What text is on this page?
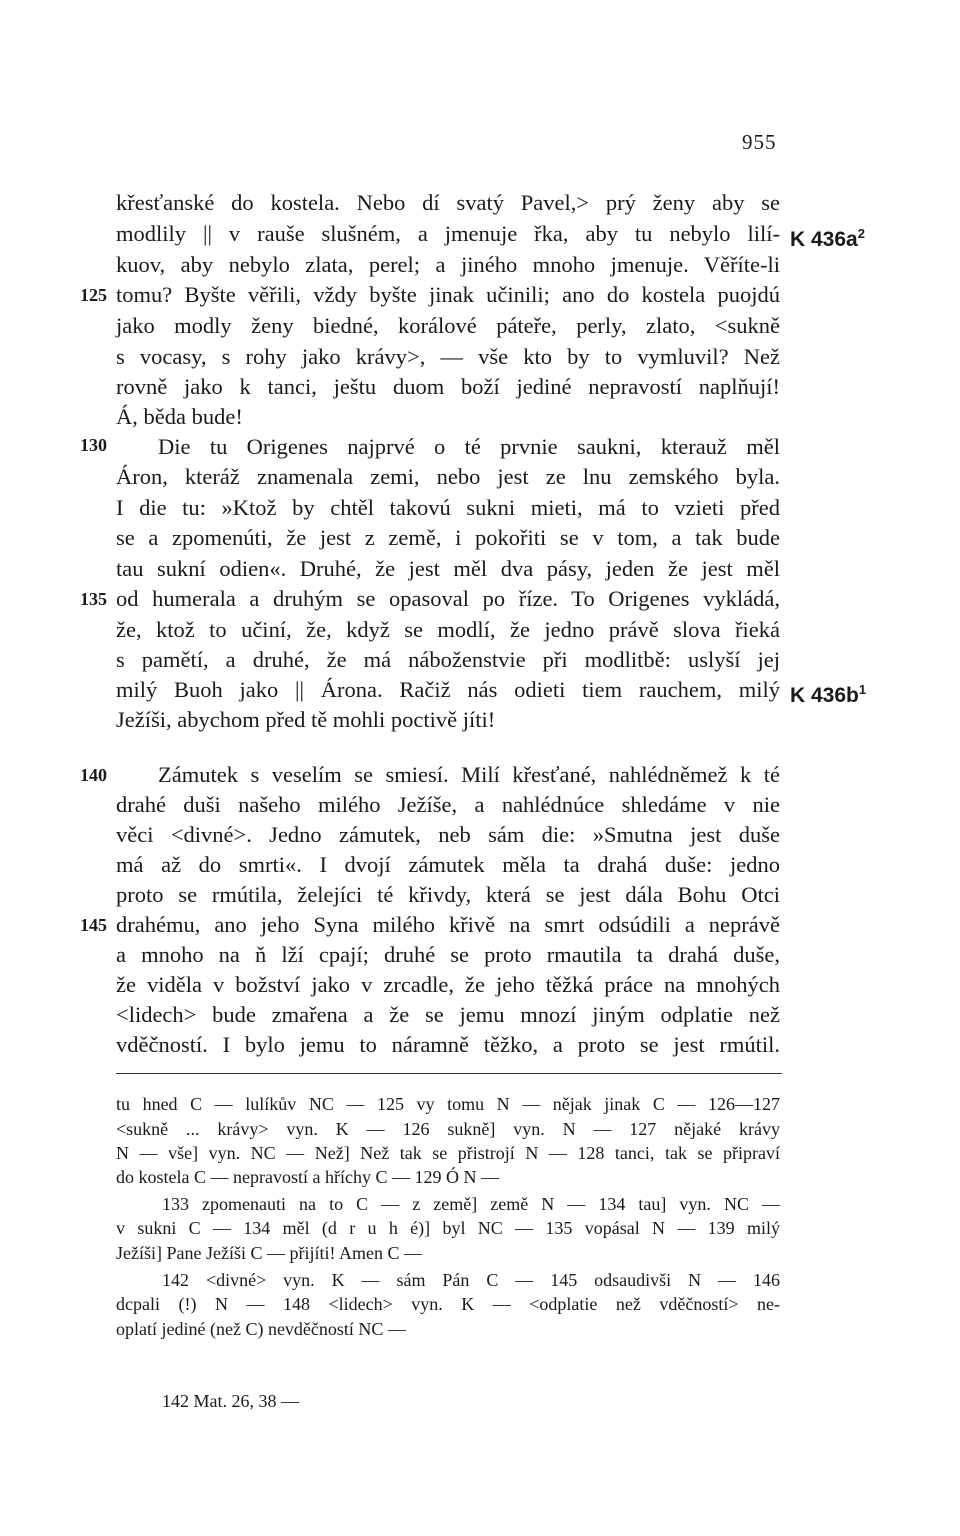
955
křesťanské do kostela. Nebo dí svatý Pavel,> prý ženy aby se
modlily || v rauše slušném, a jmenuje řka, aby tu nebylo lilí-
kuov, aby nebylo zlata, perel; a jiného mnoho jmenuje. Věříte-li
tomu? Byšte věřili, vždy byšte jinak učinili; ano do kostela puojdú
jako modly ženy biedné, korálové páteře, perly, zlato, <sukně
s vocasy, s rohy jako krávy>, — vše kto by to vymluvil? Než
rovně jako k tanci, ještu duom boží jediné nepravostí naplňují!
Á, běda bude!
Die tu Origenes najprvé o té prvnie saukni, kterauž měl
Áron, kteráž znamenala zemi, nebo jest ze lnu zemského byla.
I die tu: »Ktož by chtěl takovú sukni mieti, má to vzieti před
se a zpomenúti, že jest z země, i pokořiti se v tom, a tak bude
tau sukní odien«. Druhé, že jest měl dva pásy, jeden že jest měl
od humerala a druhým se opasoval po říze. To Origenes vykládá,
že, ktož to učiní, že, když se modlí, že jedno právě slova řieká
s pamětí, a druhé, že má náboženstvie při modlitbě: uslyší jej
milý Buoh jako || Árona. Račiž nás odieti tiem rauchem, milý
Ježíši, abychom před tě mohli poctivě jíti!
Zámutek s veselím se smiesí. Milí křesťané, nahlédněmež k té
drahé duši našeho milého Ježíše, a nahlédnúce shledáme v nie
věci <divné>. Jedno zámutek, neb sám die: »Smutna jest duše
má až do smrti«. I dvojí zámutek měla ta drahá duše: jedno
proto se rmútila, želejíci té křivdy, která se jest dála Bohu Otci
drahému, ano jeho Syna milého křivě na smrt odsúdili a neprávě
a mnoho na ň lží cpají; druhé se proto rmautila ta drahá duše,
že viděla v božství jako v zrcadle, že jeho těžká práce na mnohých
<lidech> bude zmařena a že se jemu mnozí jiným odplatie než
vděčností. I bylo jemu to náramně těžko, a proto se jest rmútil.
125
130
135
140
145
K $436a^2$
K $436b^1$
tu hned C — lulíkův NC — 125 vy tomu N — nějak jinak C — 126—127
<sukně ... krávy> vyn. K — 126 sukně] vyn. N — 127 nějaké krávy
N — vše] vyn. NC — Než] Než tak se přistrojí N — 128 tanci, tak se připraví
do kostela C — nepravostí a hříchy C — 129 Ó N —
133 zpomenauti na to C — z země] země N — 134 tau] vyn. NC —
v sukni C — 134 měl (d r u h é)] byl NC — 135 vopásal N — 139 milý
Ježíši] Pane Ježíši C — přijíti! Amen C —
142 <divné> vyn. K — sám Pán C — 145 odsaudivši N — 146
dcpali (!) N — 148 <lidech> vyn. K — <odplatie než vděčností> ne-
oplatí jediné (než C) nevděčností NC —
142 Mat. 26, 38 —
